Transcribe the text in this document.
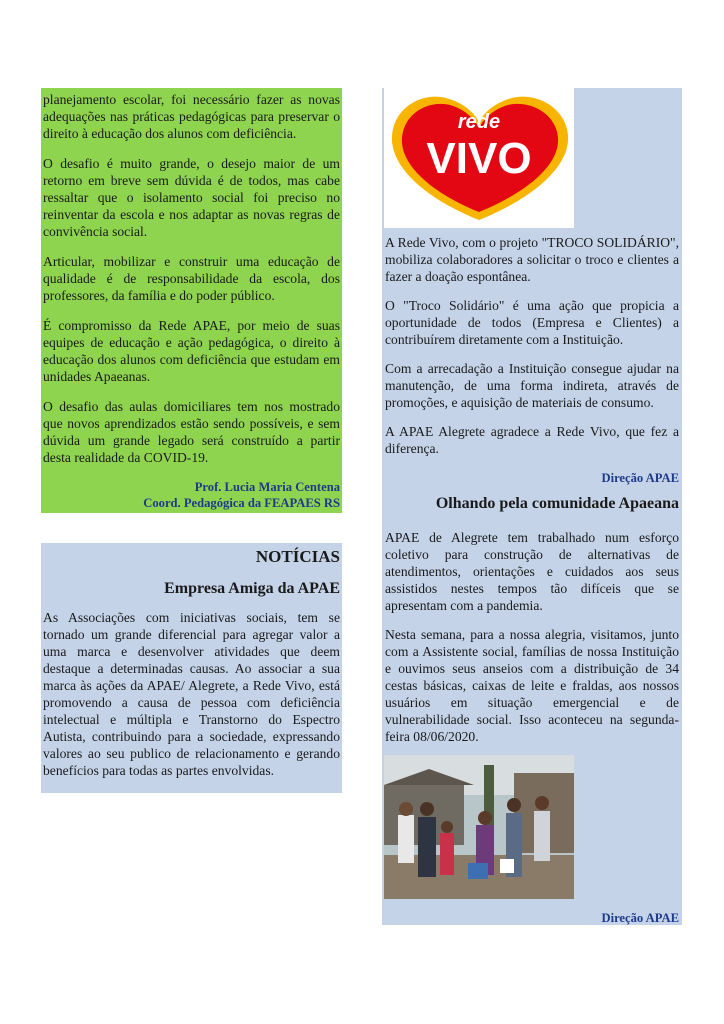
planejamento escolar, foi necessário fazer as novas adequações nas práticas pedagógicas para preservar o direito à educação dos alunos com deficiência.

O desafio é muito grande, o desejo maior de um retorno em breve sem dúvida é de todos, mas cabe ressaltar que o isolamento social foi preciso no reinventar da escola e nos adaptar as novas regras de convivência social.

Articular, mobilizar e construir uma educação de qualidade é de responsabilidade da escola, dos professores, da família e do poder público.

É compromisso da Rede APAE, por meio de suas equipes de educação e ação pedagógica, o direito à educação dos alunos com deficiência que estudam em unidades Apaeanas.

O desafio das aulas domiciliares tem nos mostrado que novos aprendizados estão sendo possíveis, e sem dúvida um grande legado será construído a partir desta realidade da COVID-19.

Prof. Lucia Maria Centena
Coord. Pedagógica da FEAPAES RS
NOTÍCIAS
Empresa Amiga da APAE

As Associações com iniciativas sociais, tem se tornado um grande diferencial para agregar valor a uma marca e desenvolver atividades que deem destaque a determinadas causas. Ao associar a sua marca às ações da APAE/ Alegrete, a Rede Vivo, está promovendo a causa de pessoa com deficiência intelectual e múltipla e Transtorno do Espectro Autista, contribuindo para a sociedade, expressando valores ao seu publico de relacionamento e gerando benefícios para todas as partes envolvidas.

rede
VIVO

A Rede Vivo, com o projeto "TROCO SOLIDÁRIO", mobiliza colaboradores a solicitar o troco e clientes a fazer a doação espontânea.

O "Troco Solidário" é uma ação que propicia a oportunidade de todos (Empresa e Clientes) a contribuírem diretamente com a Instituição.

Com a arrecadação a Instituição consegue ajudar na manutenção, de uma forma indireta, através de promoções, e aquisição de materiais de consumo.

A APAE Alegrete agradece a Rede Vivo, que fez a diferença.

Direção APAE
Olhando pela comunidade Apaeana

APAE de Alegrete tem trabalhado num esforço coletivo para construção de alternativas de atendimentos, orientações e cuidados aos seus assistidos nestes tempos tão difíceis que se apresentam com a pandemia.

Nesta semana, para a nossa alegria, visitamos, junto com a Assistente social, famílias de nossa Instituição e ouvimos seus anseios com a distribuição de 34 cestas básicas, caixas de leite e fraldas, aos nossos usuários em situação emergencial e de vulnerabilidade social. Isso aconteceu na segunda-feira 08/06/2020.

Direção APAE
